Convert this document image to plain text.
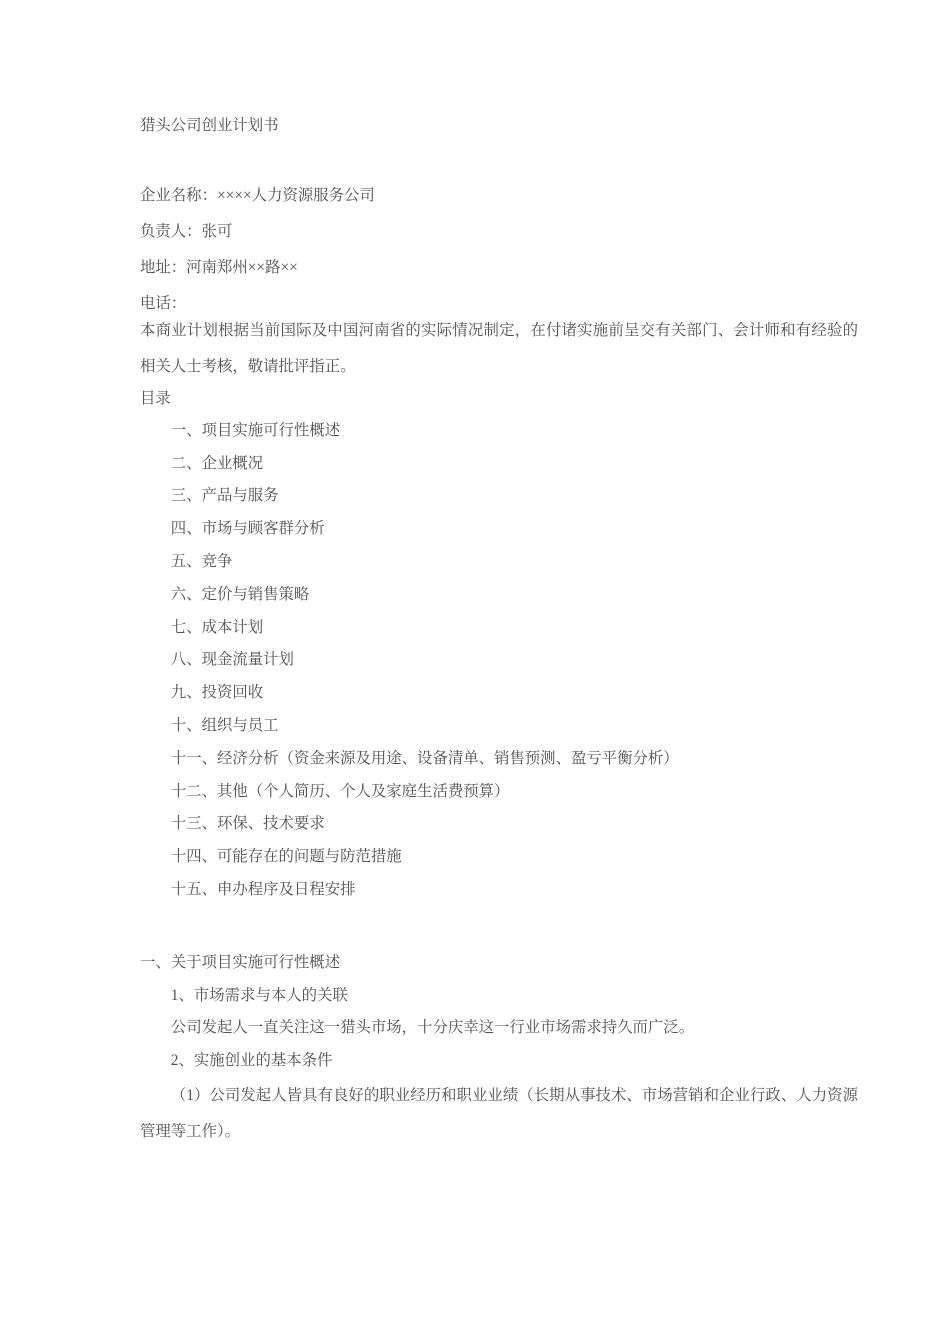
猎头公司创业计划书

企业名称：××××人力资源服务公司

负责人：张可

地址：河南郑州××路××

电话：

本商业计划根据当前国际及中国河南省的实际情况制定，在付诸实施前呈交有关部门、会计师和有经验的相关人士考核，敬请批评指正。

目录

一、项目实施可行性概述
二、企业概况
三、产品与服务
四、市场与顾客群分析
五、竞争
六、定价与销售策略
七、成本计划
八、现金流量计划
九、投资回收
十、组织与员工
十一、经济分析（资金来源及用途、设备清单、销售预测、盈亏平衡分析）
十二、其他（个人简历、个人及家庭生活费预算）
十三、环保、技术要求
十四、可能存在的问题与防范措施
十五、申办程序及日程安排

一、关于项目实施可行性概述

1、市场需求与本人的关联

公司发起人一直关注这一猎头市场，十分庆幸这一行业市场需求持久而广泛。

2、实施创业的基本条件

（1）公司发起人皆具有良好的职业经历和职业业绩（长期从事技术、市场营销和企业行政、人力资源管理等工作）。
